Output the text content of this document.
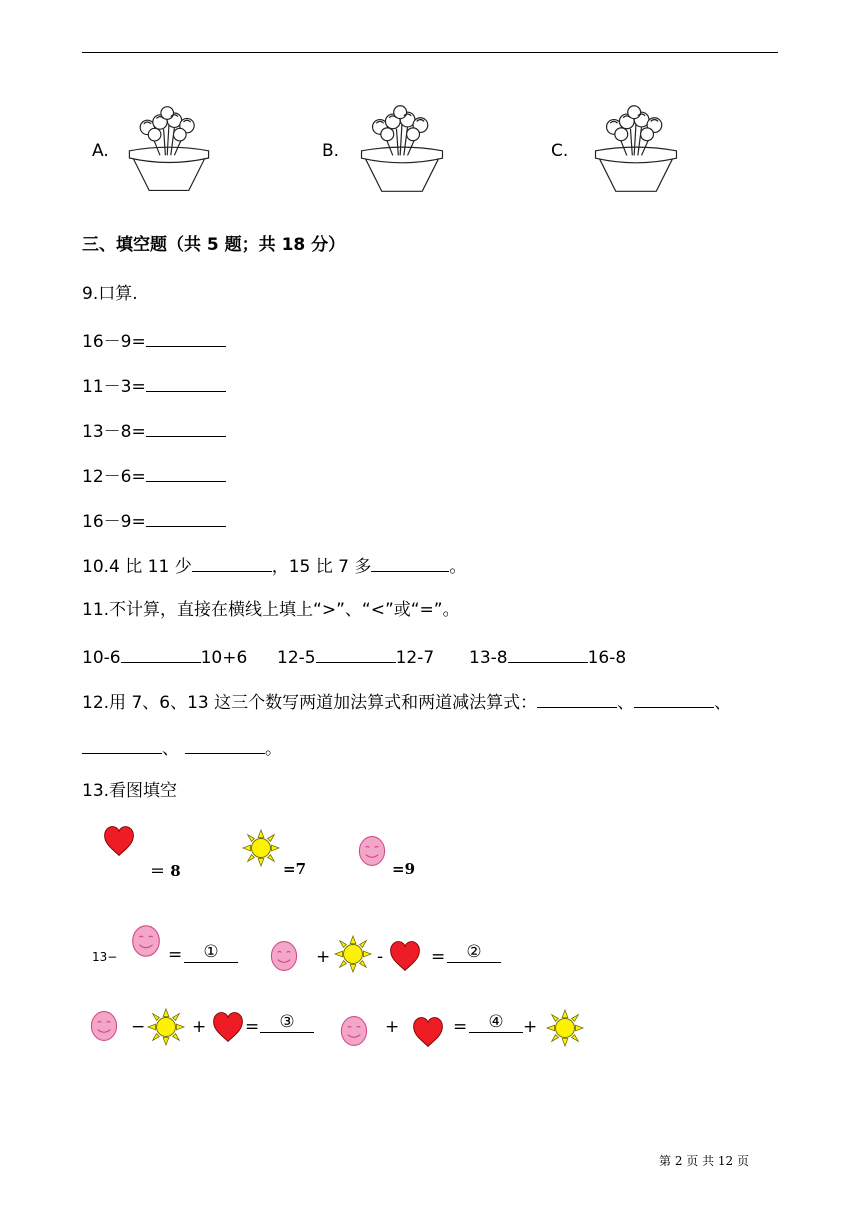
A.	B.	C.
三、填空题（共 5 题；共 18 分）
9.口算.
16－9=
11－3=
13－8=
12－6=
16－9=
10.4 比 11 少	，15 比 7 多	。
11.不计算，直接在横线上填上“>”、“<”或“=”。
10-6	10+6 12-5	12-7 13-8	16-8
12.用 7、6、13 这三个数写两道加法算式和两道减法算式：	、	、
、	。
13.看图填空
＝ 8	=7	=9
13−	=	①	+	-	=	②
−	+ =	③	+	=	④	+
第 2 页 共 12 页
